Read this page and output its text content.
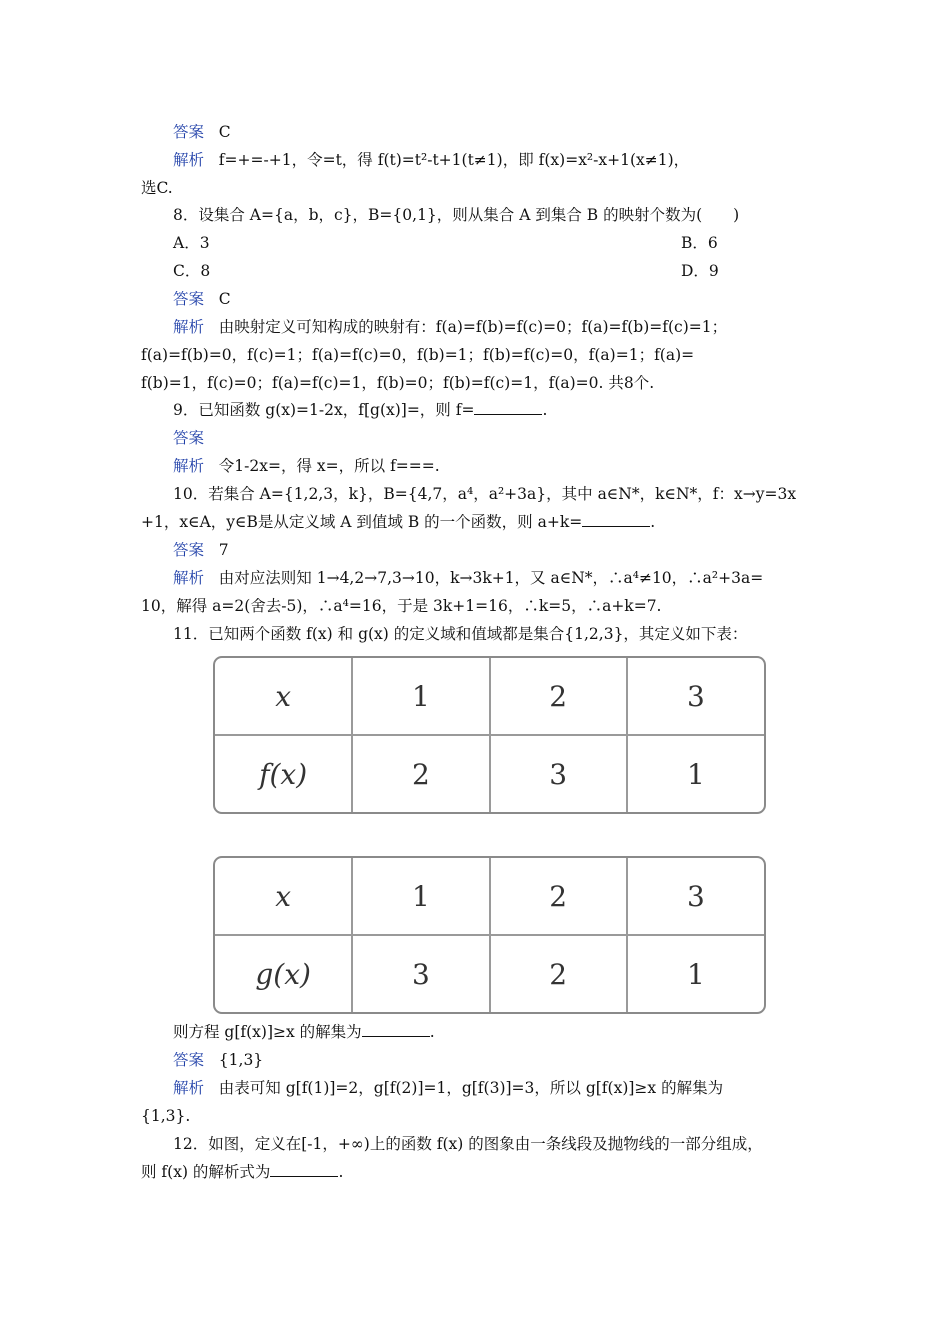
答案 C
解析 f=+=-+1，令=t，得 f(t)=t²-t+1(t≠1)，即 f(x)=x²-x+1(x≠1)，
选C.
8．设集合 A={a，b，c}，B={0,1}，则从集合 A 到集合 B 的映射个数为(　　)
A．3	B．6
C．8	D．9
答案 C
解析 由映射定义可知构成的映射有：f(a)=f(b)=f(c)=0；f(a)=f(b)=f(c)=1；
f(a)=f(b)=0，f(c)=1；f(a)=f(c)=0，f(b)=1；f(b)=f(c)=0，f(a)=1；f(a)=
f(b)=1，f(c)=0；f(a)=f(c)=1，f(b)=0；f(b)=f(c)=1，f(a)=0. 共8个.
9．已知函数 g(x)=1-2x，f[g(x)]=，则 f=	.
答案
解析 令1-2x=，得 x=，所以 f===.
10．若集合 A={1,2,3，k}，B={4,7，a⁴，a²+3a}，其中 a∈N*，k∈N*，f：x→y=3x
+1，x∈A，y∈B是从定义域 A 到值域 B 的一个函数，则 a+k=	.
答案 7
解析 由对应法则知 1→4,2→7,3→10，k→3k+1，又 a∈N*，∴a⁴≠10，∴a²+3a=
10，解得 a=2(舍去-5)，∴a⁴=16，于是 3k+1=16，∴k=5，∴a+k=7.
11．已知两个函数 f(x) 和 g(x) 的定义域和值域都是集合{1,2,3}，其定义如下表：
x	1	2	3
f(x)	2	3	1
x	1	2	3
g(x)	3	2	1
则方程 g[f(x)]≥x 的解集为	.
答案 {1,3}
解析 由表可知 g[f(1)]=2，g[f(2)]=1，g[f(3)]=3，所以 g[f(x)]≥x 的解集为
{1,3}.
12．如图，定义在[-1，+∞)上的函数 f(x) 的图象由一条线段及抛物线的一部分组成，
则 f(x) 的解析式为	.
